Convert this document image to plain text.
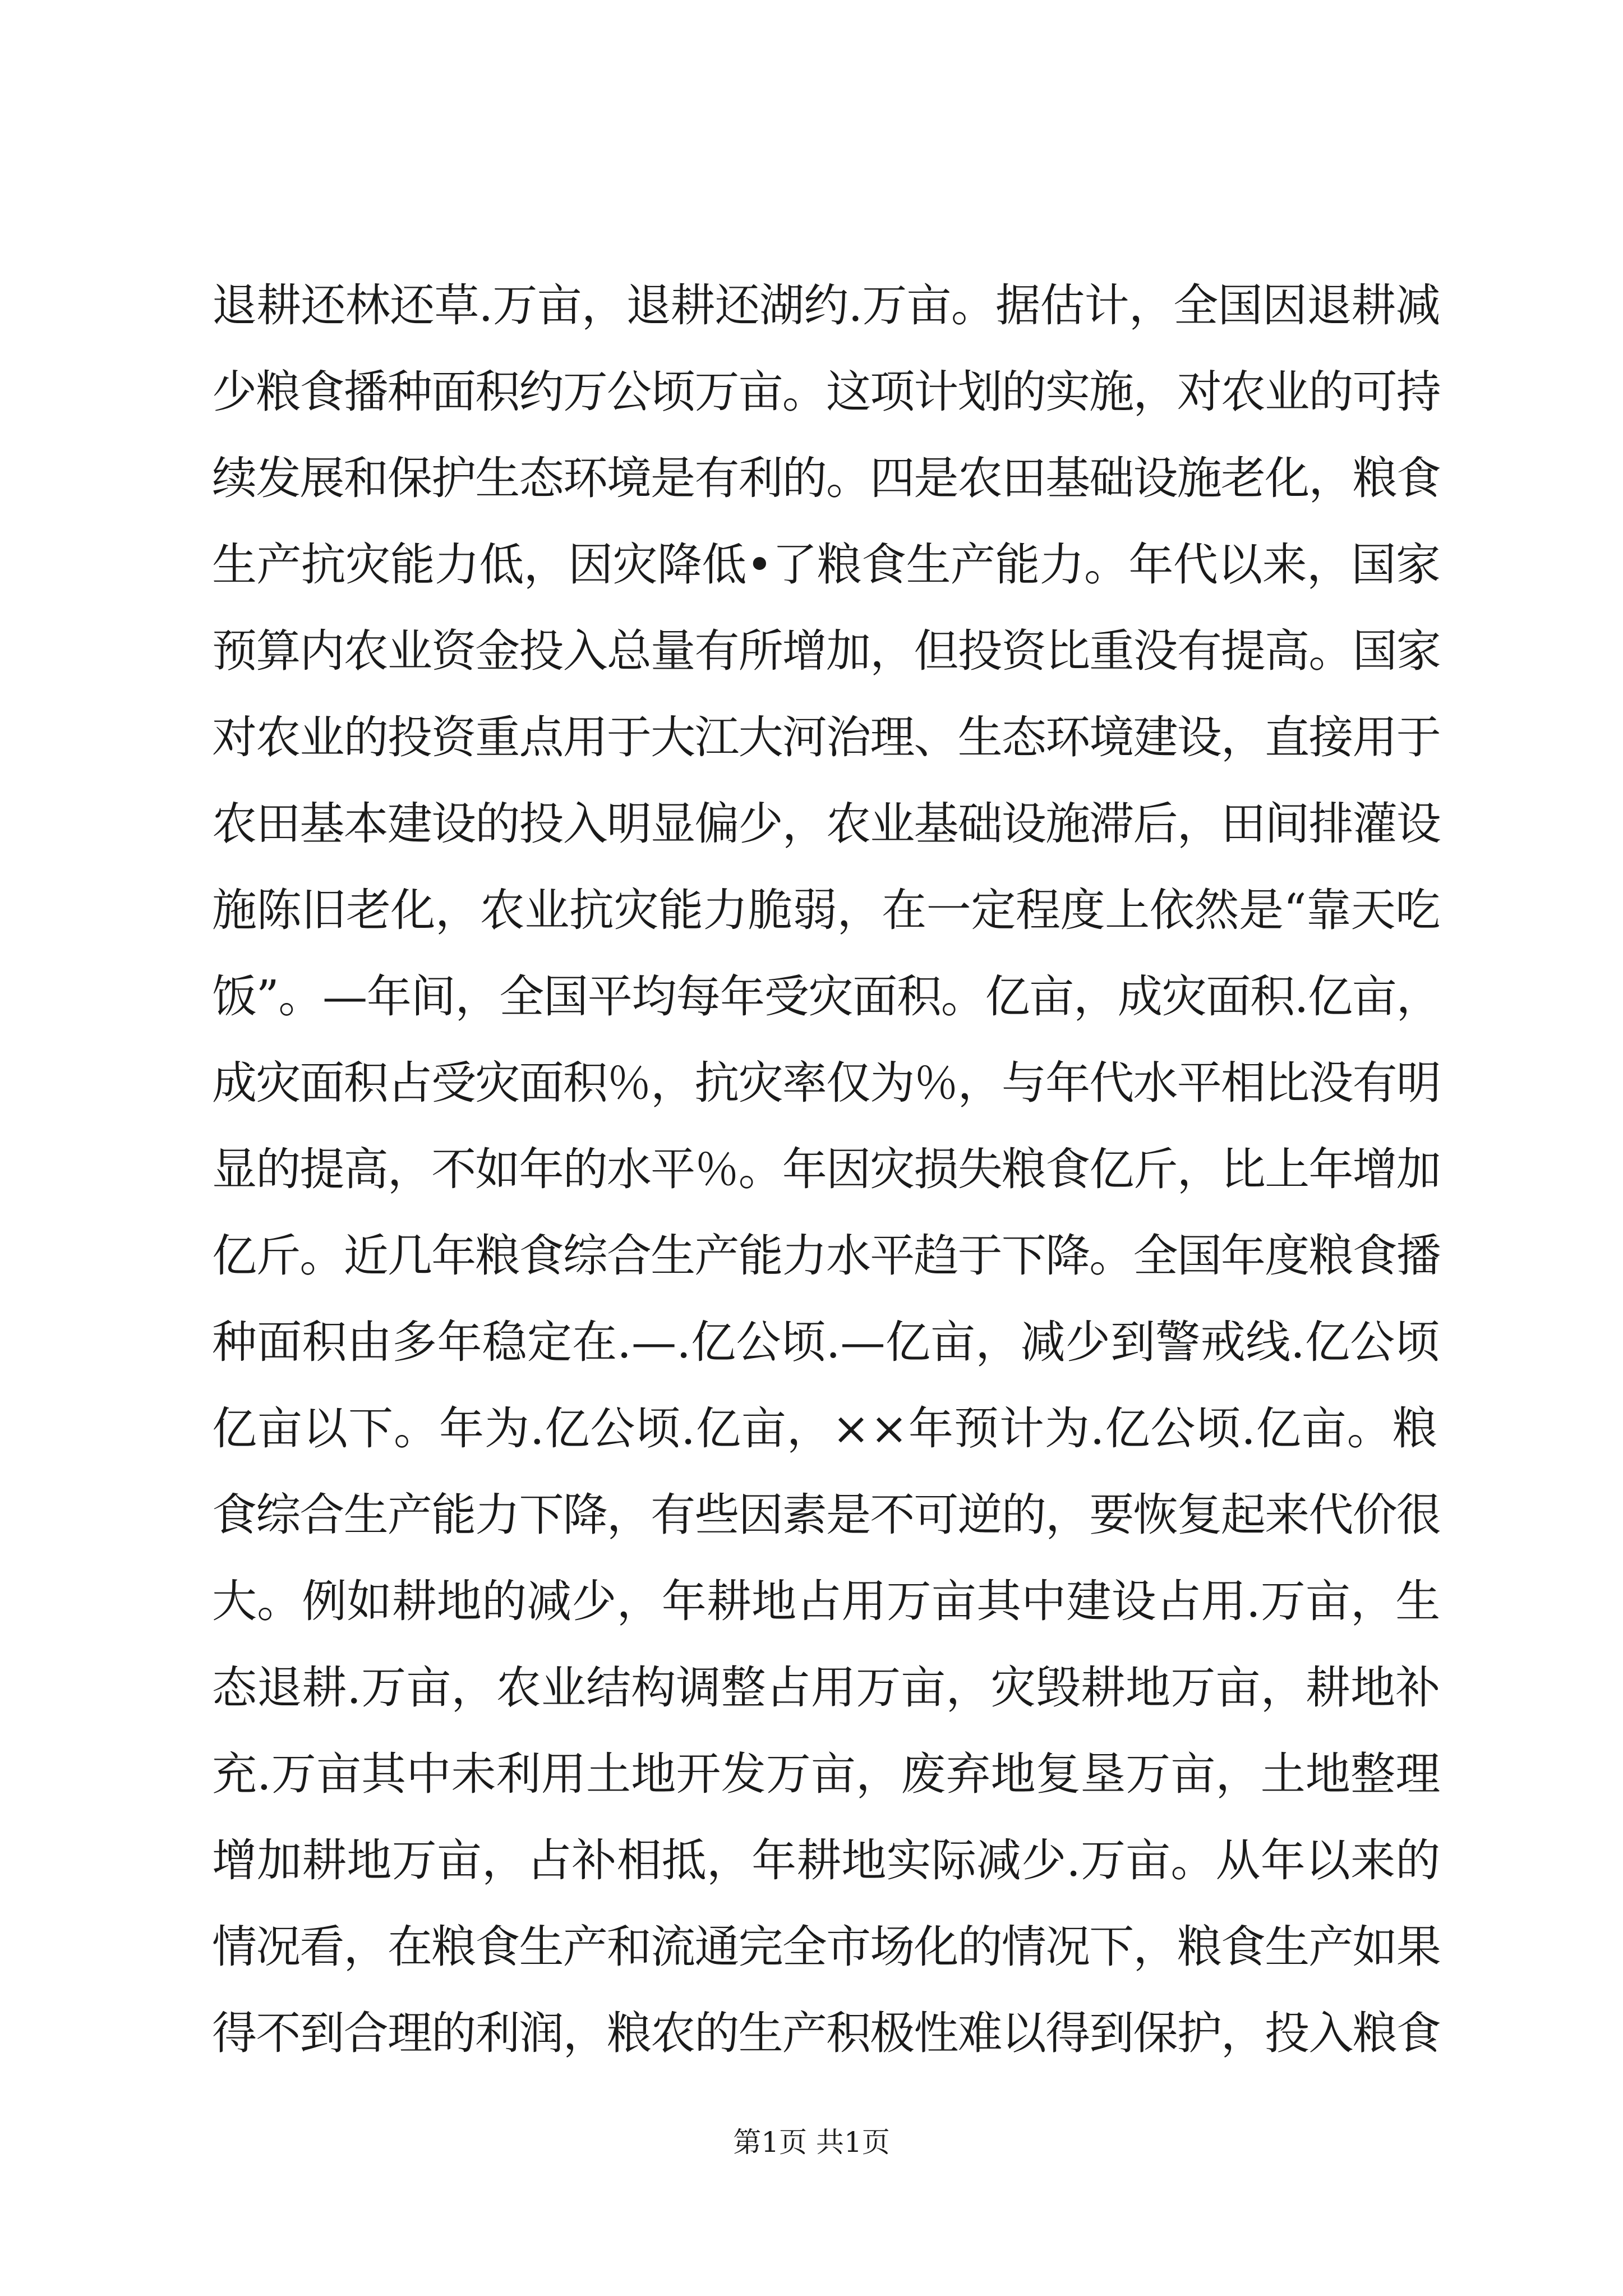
退耕还林还草.万亩，退耕还湖约.万亩。据估计，全国因退耕减
少粮食播种面积约万公顷万亩。这项计划的实施，对农业的可持
续发展和保护生态环境是有利的。四是农田基础设施老化，粮食
生产抗灾能力低，因灾降低•了粮食生产能力。年代以来，国家
预算内农业资金投入总量有所增加，但投资比重没有提高。国家
对农业的投资重点用于大江大河治理、生态环境建设，直接用于
农田基本建设的投入明显偏少，农业基础设施滞后，田间排灌设
施陈旧老化，农业抗灾能力脆弱，在一定程度上依然是“靠天吃
饭”。—年间，全国平均每年受灾面积。亿亩，成灾面积.亿亩，
成灾面积占受灾面积％，抗灾率仅为％，与年代水平相比没有明
显的提高，不如年的水平％。年因灾损失粮食亿斤，比上年增加
亿斤。近几年粮食综合生产能力水平趋于下降。全国年度粮食播
种面积由多年稳定在.—.亿公顷.—亿亩，减少到警戒线.亿公顷
亿亩以下。年为.亿公顷.亿亩，××年预计为.亿公顷.亿亩。粮
食综合生产能力下降，有些因素是不可逆的，要恢复起来代价很
大。例如耕地的减少，年耕地占用万亩其中建设占用.万亩，生
态退耕.万亩，农业结构调整占用万亩，灾毁耕地万亩，耕地补
充.万亩其中未利用土地开发万亩，废弃地复垦万亩，土地整理
增加耕地万亩，占补相抵，年耕地实际减少.万亩。从年以来的
情况看，在粮食生产和流通完全市场化的情况下，粮食生产如果
得不到合理的利润，粮农的生产积极性难以得到保护，投入粮食
第1页 共1页
